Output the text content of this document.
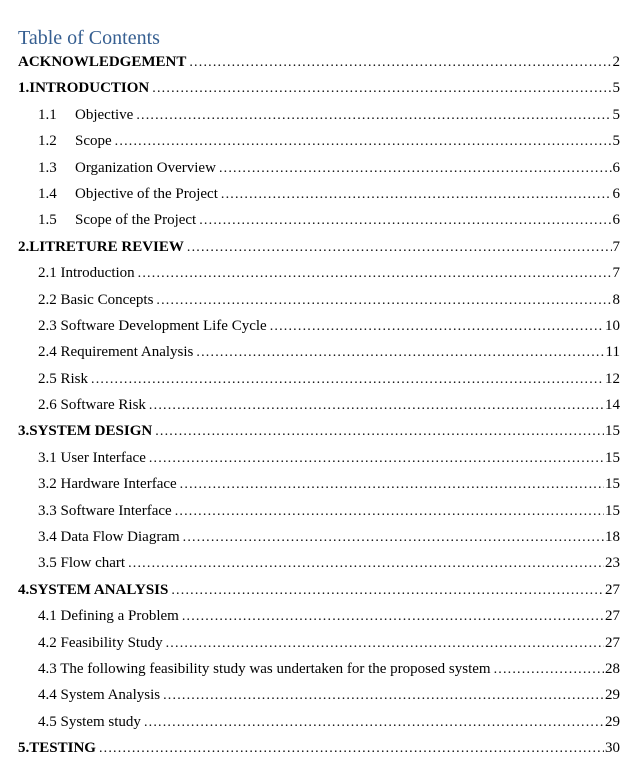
Table of Contents
ACKNOWLEDGEMENT .....	2
1.INTRODUCTION .....	5
1.1	Objective .....	5
1.2	Scope .....	5
1.3	Organization Overview .....	6
1.4	Objective of the Project .....	6
1.5	Scope of the Project .....	6
2.LITRETURE REVIEW .....	7
2.1 Introduction .....	7
2.2 Basic Concepts .....	8
2.3 Software Development Life Cycle .....	10
2.4 Requirement Analysis .....	11
2.5 Risk .....	12
2.6 Software Risk .....	14
3.SYSTEM DESIGN .....	15
3.1 User Interface .....	15
3.2 Hardware Interface .....	15
3.3 Software Interface .....	15
3.4 Data Flow Diagram .....	18
3.5 Flow chart .....	23
4.SYSTEM ANALYSIS .....	27
4.1 Defining a Problem .....	27
4.2 Feasibility Study .....	27
4.3 The following feasibility study was undertaken for the proposed system .....	28
4.4 System Analysis .....	29
4.5 System study .....	29
5.TESTING .....	30
